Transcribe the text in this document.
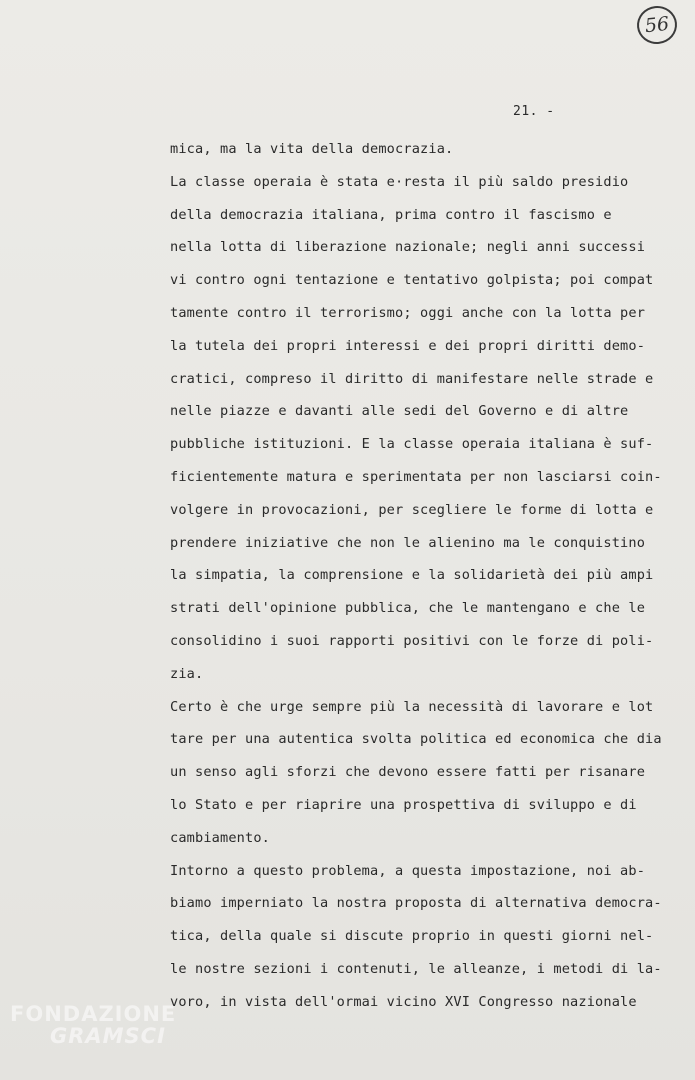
56
21. -
mica, ma la vita della democrazia.
La classe operaia è stata e·resta il più saldo presidio
della democrazia italiana, prima contro il fascismo e
nella lotta di liberazione nazionale; negli anni successi
vi contro ogni tentazione e tentativo golpista; poi compat
tamente contro il terrorismo; oggi anche con la lotta per
la tutela dei propri interessi e dei propri diritti demo-
cratici, compreso il diritto di manifestare nelle strade e
nelle piazze e davanti alle sedi del Governo e di altre
pubbliche istituzioni. E la classe operaia italiana è suf-
ficientemente matura e sperimentata per non lasciarsi coin-
volgere in provocazioni, per scegliere le forme di lotta e
prendere iniziative che non le alienino ma le conquistino
la simpatia, la comprensione e la solidarietà dei più ampi
strati dell'opinione pubblica, che le mantengano e che le
consolidino i suoi rapporti positivi con le forze di poli-
zia.
Certo è che urge sempre più la necessità di lavorare e lot
tare per una autentica svolta politica ed economica che dia
un senso agli sforzi che devono essere fatti per risanare
lo Stato e per riaprire una prospettiva di sviluppo e di
cambiamento.
Intorno a questo problema, a questa impostazione, noi ab-
biamo imperniato la nostra proposta di alternativa democra-
tica, della quale si discute proprio in questi giorni nel-
le nostre sezioni i contenuti, le alleanze, i metodi di la-
voro, in vista dell'ormai vicino XVI Congresso nazionale
FONDAZIONE
GRAMSCI
